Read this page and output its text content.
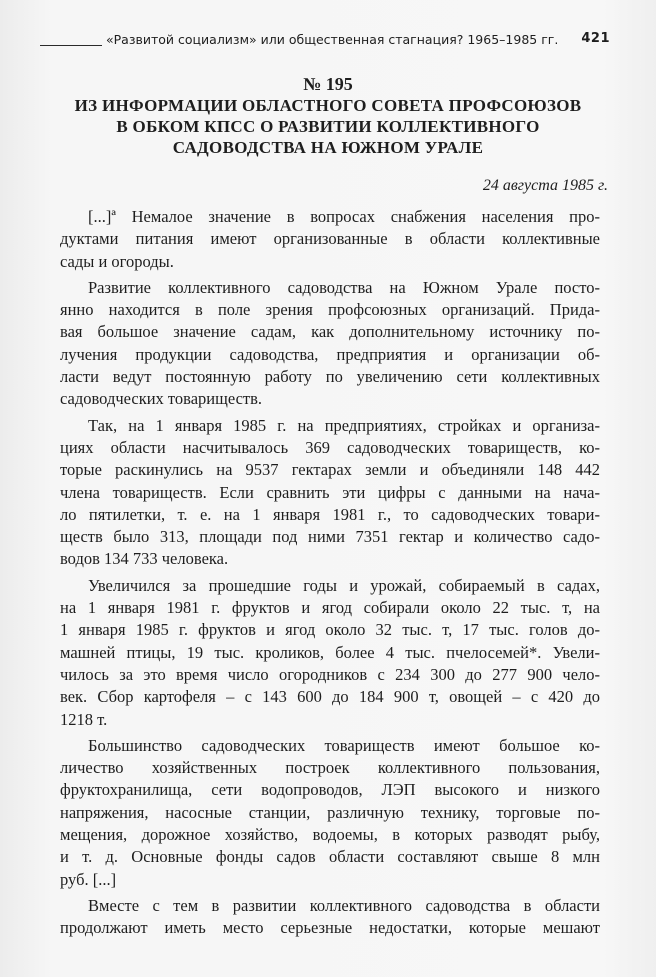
«Развитой социализм» или общественная стагнация? 1965–1985 гг. 421
№ 195
ИЗ ИНФОРМАЦИИ ОБЛАСТНОГО СОВЕТА ПРОФСОЮЗОВ
В ОБКОМ КПСС О РАЗВИТИИ КОЛЛЕКТИВНОГО
САДОВОДСТВА НА ЮЖНОМ УРАЛЕ
24 августа 1985 г.
[...]ª Немалое значение в вопросах снабжения населения про-
дуктами питания имеют организованные в области коллективные
сады и огороды.
Развитие коллективного садоводства на Южном Урале посто-
янно находится в поле зрения профсоюзных организаций. Прида-
вая большое значение садам, как дополнительному источнику по-
лучения продукции садоводства, предприятия и организации об-
ласти ведут постоянную работу по увеличению сети коллективных
садоводческих товариществ.
Так, на 1 января 1985 г. на предприятиях, стройках и организа-
циях области насчитывалось 369 садоводческих товариществ, ко-
торые раскинулись на 9537 гектарах земли и объединяли 148 442
члена товариществ. Если сравнить эти цифры с данными на нача-
ло пятилетки, т. е. на 1 января 1981 г., то садоводческих товари-
ществ было 313, площади под ними 7351 гектар и количество садо-
водов 134 733 человека.
Увеличился за прошедшие годы и урожай, собираемый в садах,
на 1 января 1981 г. фруктов и ягод собирали около 22 тыс. т, на
1 января 1985 г. фруктов и ягод около 32 тыс. т, 17 тыс. голов до-
машней птицы, 19 тыс. кроликов, более 4 тыс. пчелосемей*. Увели-
чилось за это время число огородников с 234 300 до 277 900 чело-
век. Сбор картофеля – с 143 600 до 184 900 т, овощей – с 420 до
1218 т.
Большинство садоводческих товариществ имеют большое ко-
личество хозяйственных построек коллективного пользования,
фруктохранилища, сети водопроводов, ЛЭП высокого и низкого
напряжения, насосные станции, различную технику, торговые по-
мещения, дорожное хозяйство, водоемы, в которых разводят рыбу,
и т. д. Основные фонды садов области составляют свыше 8 млн
руб. [...]
Вместе с тем в развитии коллективного садоводства в области
продолжают иметь место серьезные недостатки, которые мешают
